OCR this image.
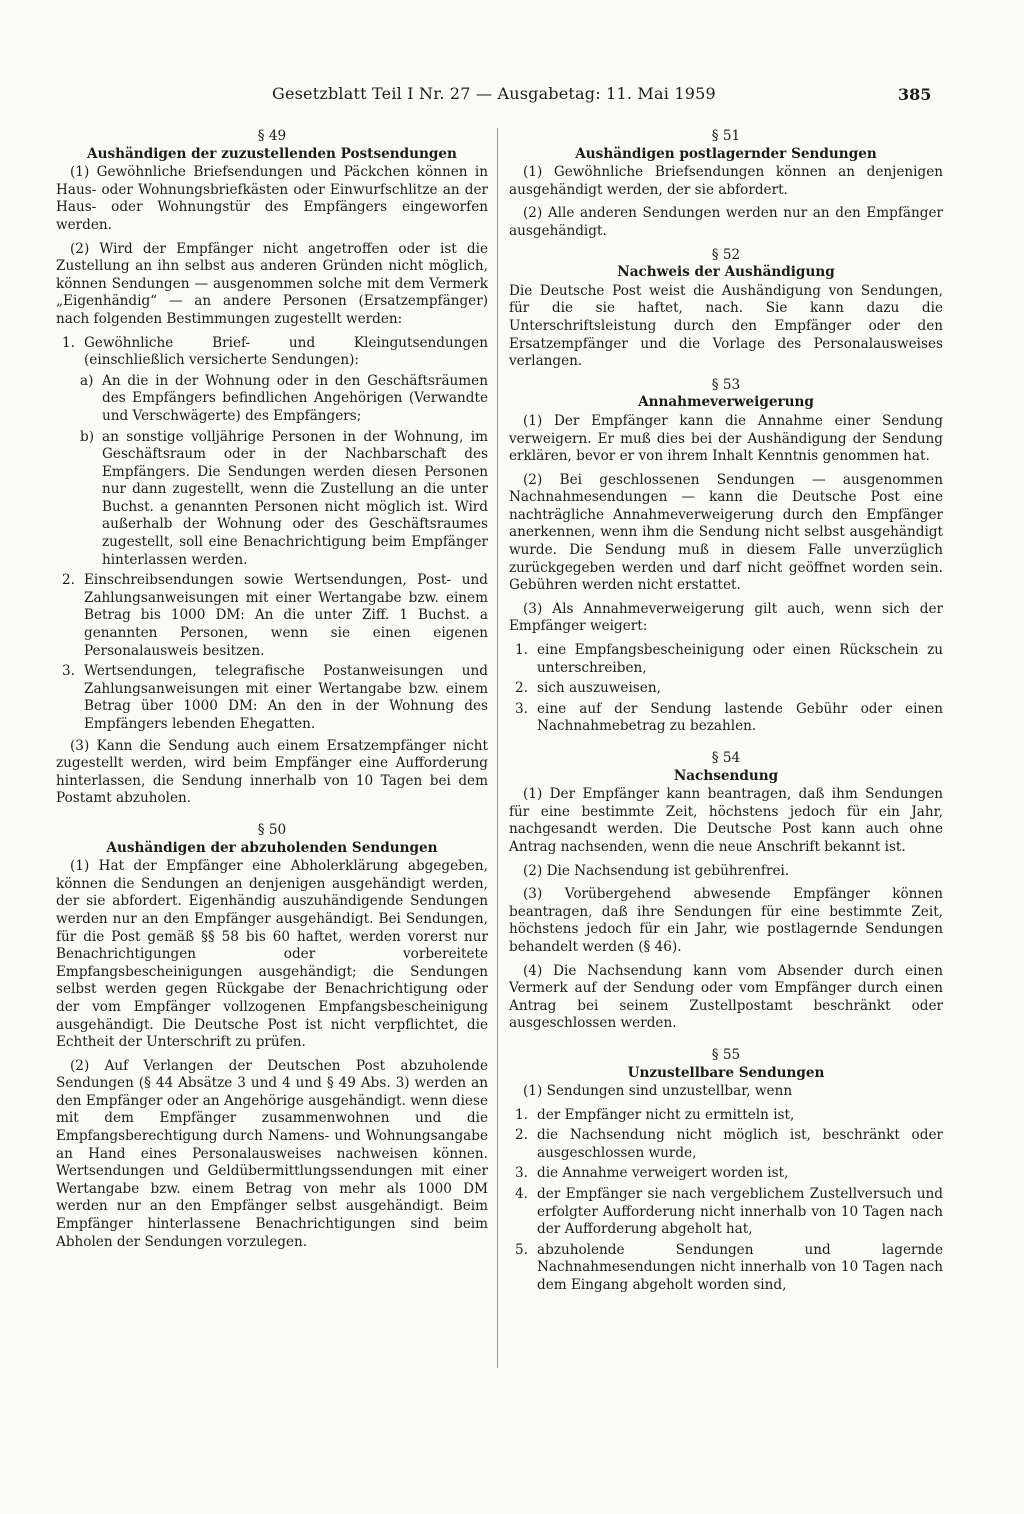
Gesetzblatt Teil I Nr. 27 — Ausgabetag: 11. Mai 1959	385

§ 49

Aushändigen der zuzustellenden Postsendungen

(1) Gewöhnliche Briefsendungen und Päckchen können in Haus- oder Wohnungsbriefkästen oder Einwurfschlitze an der Haus- oder Wohnungstür des Empfängers eingeworfen werden.

(2) Wird der Empfänger nicht angetroffen oder ist die Zustellung an ihn selbst aus anderen Gründen nicht möglich, können Sendungen — ausgenommen solche mit dem Vermerk „Eigenhändig“ — an andere Personen (Ersatzempfänger) nach folgenden Bestimmungen zugestellt werden:

1. Gewöhnliche Brief- und Kleingutsendungen (einschließlich versicherte Sendungen):
a) An die in der Wohnung oder in den Geschäftsräumen des Empfängers befindlichen Angehörigen (Verwandte und Verschwägerte) des Empfängers;
b) an sonstige volljährige Personen in der Wohnung, im Geschäftsraum oder in der Nachbarschaft des Empfängers. Die Sendungen werden diesen Personen nur dann zugestellt, wenn die Zustellung an die unter Buchst. a genannten Personen nicht möglich ist. Wird außerhalb der Wohnung oder des Geschäftsraumes zugestellt, soll eine Benachrichtigung beim Empfänger hinterlassen werden.
2. Einschreibsendungen sowie Wertsendungen, Post- und Zahlungsanweisungen mit einer Wertangabe bzw. einem Betrag bis 1000 DM: An die unter Ziff. 1 Buchst. a genannten Personen, wenn sie einen eigenen Personalausweis besitzen.
3. Wertsendungen, telegrafische Postanweisungen und Zahlungsanweisungen mit einer Wertangabe bzw. einem Betrag über 1000 DM: An den in der Wohnung des Empfängers lebenden Ehegatten.

(3) Kann die Sendung auch einem Ersatzempfänger nicht zugestellt werden, wird beim Empfänger eine Aufforderung hinterlassen, die Sendung innerhalb von 10 Tagen bei dem Postamt abzuholen.

§ 50

Aushändigen der abzuholenden Sendungen

(1) Hat der Empfänger eine Abholerklärung abgegeben, können die Sendungen an denjenigen ausgehändigt werden, der sie abfordert. Eigenhändig auszuhändigende Sendungen werden nur an den Empfänger ausgehändigt. Bei Sendungen, für die Post gemäß §§ 58 bis 60 haftet, werden vorerst nur Benachrichtigungen oder vorbereitete Empfangsbescheinigungen ausgehändigt; die Sendungen selbst werden gegen Rückgabe der Benachrichtigung oder der vom Empfänger vollzogenen Empfangsbescheinigung ausgehändigt. Die Deutsche Post ist nicht verpflichtet, die Echtheit der Unterschrift zu prüfen.

(2) Auf Verlangen der Deutschen Post abzuholende Sendungen (§ 44 Absätze 3 und 4 und § 49 Abs. 3) werden an den Empfänger oder an Angehörige ausgehändigt. wenn diese mit dem Empfänger zusammenwohnen und die Empfangsberechtigung durch Namens- und Wohnungsangabe an Hand eines Personalausweises nachweisen können. Wertsendungen und Geldübermittlungssendungen mit einer Wertangabe bzw. einem Betrag von mehr als 1000 DM werden nur an den Empfänger selbst ausgehändigt. Beim Empfänger hinterlassene Benachrichtigungen sind beim Abholen der Sendungen vorzulegen.

§ 51

Aushändigen postlagernder Sendungen

(1) Gewöhnliche Briefsendungen können an denjenigen ausgehändigt werden, der sie abfordert.

(2) Alle anderen Sendungen werden nur an den Empfänger ausgehändigt.

§ 52

Nachweis der Aushändigung

Die Deutsche Post weist die Aushändigung von Sendungen, für die sie haftet, nach. Sie kann dazu die Unterschriftsleistung durch den Empfänger oder den Ersatzempfänger und die Vorlage des Personalausweises verlangen.

§ 53

Annahmeverweigerung

(1) Der Empfänger kann die Annahme einer Sendung verweigern. Er muß dies bei der Aushändigung der Sendung erklären, bevor er von ihrem Inhalt Kenntnis genommen hat.

(2) Bei geschlossenen Sendungen — ausgenommen Nachnahmesendungen — kann die Deutsche Post eine nachträgliche Annahmeverweigerung durch den Empfänger anerkennen, wenn ihm die Sendung nicht selbst ausgehändigt wurde. Die Sendung muß in diesem Falle unverzüglich zurückgegeben werden und darf nicht geöffnet worden sein. Gebühren werden nicht erstattet.

(3) Als Annahmeverweigerung gilt auch, wenn sich der Empfänger weigert:

1. eine Empfangsbescheinigung oder einen Rückschein zu unterschreiben,
2. sich auszuweisen,
3. eine auf der Sendung lastende Gebühr oder einen Nachnahmebetrag zu bezahlen.

§ 54

Nachsendung

(1) Der Empfänger kann beantragen, daß ihm Sendungen für eine bestimmte Zeit, höchstens jedoch für ein Jahr, nachgesandt werden. Die Deutsche Post kann auch ohne Antrag nachsenden, wenn die neue Anschrift bekannt ist.

(2) Die Nachsendung ist gebührenfrei.

(3) Vorübergehend abwesende Empfänger können beantragen, daß ihre Sendungen für eine bestimmte Zeit, höchstens jedoch für ein Jahr, wie postlagernde Sendungen behandelt werden (§ 46).

(4) Die Nachsendung kann vom Absender durch einen Vermerk auf der Sendung oder vom Empfänger durch einen Antrag bei seinem Zustellpostamt beschränkt oder ausgeschlossen werden.

§ 55

Unzustellbare Sendungen

(1) Sendungen sind unzustellbar, wenn

1. der Empfänger nicht zu ermitteln ist,
2. die Nachsendung nicht möglich ist, beschränkt oder ausgeschlossen wurde,
3. die Annahme verweigert worden ist,
4. der Empfänger sie nach vergeblichem Zustellversuch und erfolgter Aufforderung nicht innerhalb von 10 Tagen nach der Aufforderung abgeholt hat,
5. abzuholende Sendungen und lagernde Nachnahmesendungen nicht innerhalb von 10 Tagen nach dem Eingang abgeholt worden sind,
